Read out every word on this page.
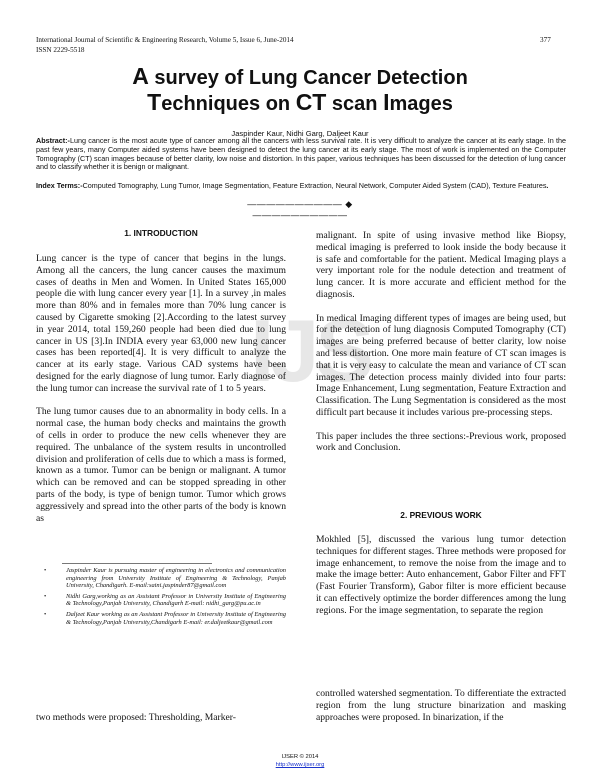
IJS
International Journal of Scientific & Engineering Research, Volume 5, Issue 6, June-2014	377
ISSN 2229-5518
A survey of Lung Cancer Detection
Techniques on CT scan Images
Jaspinder Kaur, Nidhi Garg, Daljeet Kaur
Abstract:-Lung cancer is the most acute type of cancer among all the cancers with less survival rate. It is very difficult to analyze the cancer at its early stage. In the past few years, many Computer aided systems have been designed to detect the lung cancer at its early stage. The most of work is implemented on the Computer Tomography (CT) scan images because of better clarity, low noise and distortion. In this paper, various techniques has been discussed for the detection of lung cancer and to classify whether it is benign or malignant.
Index Terms:-Computed Tomography, Lung Tumor, Image Segmentation, Feature Extraction, Neural Network, Computer Aided System (CAD), Texture Features.
—————————— ◆ ——————————
1. INTRODUCTION

Lung cancer is the type of cancer that begins in the lungs. Among all the cancers, the lung cancer causes the maximum cases of deaths in Men and Women. In United States 165,000 people die with lung cancer every year [1]. In a survey ,in males more than 80% and in females more than 70% lung cancer is caused by Cigarette smoking [2].According to the latest survey in year 2014, total 159,260 people had been died due to lung cancer in US [3].In INDIA every year 63,000 new lung cancer cases has been reported[4]. It is very difficult to analyze the cancer at its early stage. Various CAD systems have been designed for the early diagnose of lung tumor. Early diagnose of the lung tumor can increase the survival rate of 1 to 5 years.

The lung tumor causes due to an abnormality in body cells. In a normal case, the human body checks and maintains the growth of cells in order to produce the new cells whenever they are required. The unbalance of the system results in uncontrolled division and proliferation of cells due to which a mass is formed, known as a tumor. Tumor can be benign or malignant. A tumor which can be removed and can be stopped spreading in other parts of the body, is type of benign tumor. Tumor which grows aggressively and spread into the other parts of the body is known as

• Jaspinder Kaur is pursuing master of engineering in electronics and communication engineering from University Institute of Engineering & Technology, Panjab University, Chandigarh. E-mail:saini.jaspinder87@gmail.com
• Nidhi Garg,working as an Assistant Professor in University Institute of Engineering & Technology,Panjab University, Chandigarh E-mail: nidhi_garg@pu.ac.in
• Daljeet Kaur working as an Assistant Professor in University Institute of Engineering & Technology,Panjab University,Chandigarh E-mail: er.daljeetkaur@gmail.com
two methods were proposed: Thresholding, Marker-

malignant. In spite of using invasive method like Biopsy, medical imaging is preferred to look inside the body because it is safe and comfortable for the patient. Medical Imaging plays a very important role for the nodule detection and treatment of lung cancer. It is more accurate and efficient method for the diagnosis.

In medical Imaging different types of images are being used, but for the detection of lung diagnosis Computed Tomography (CT) images are being preferred because of better clarity, low noise and less distortion. One more main feature of CT scan images is that it is very easy to calculate the mean and variance of CT scan images. The detection process mainly divided into four parts: Image Enhancement, Lung segmentation, Feature Extraction and Classification. The Lung Segmentation is considered as the most difficult part because it includes various pre-processing steps.

This paper includes the three sections:-Previous work, proposed work and Conclusion.

2. PREVIOUS WORK
Mokhled [5], discussed the various lung tumor detection techniques for different stages. Three methods were proposed for image enhancement, to remove the noise from the image and to make the image better: Auto enhancement, Gabor Filter and FFT (Fast Fourier Transform), Gabor filter is more efficient because it can effectively optimize the border differences among the lung regions. For the image segmentation, to separate the region
controlled watershed segmentation. To differentiate the extracted region from the lung structure binarization and masking approaches were proposed. In binarization, if the
IJSER © 2014
http://www.ijser.org
